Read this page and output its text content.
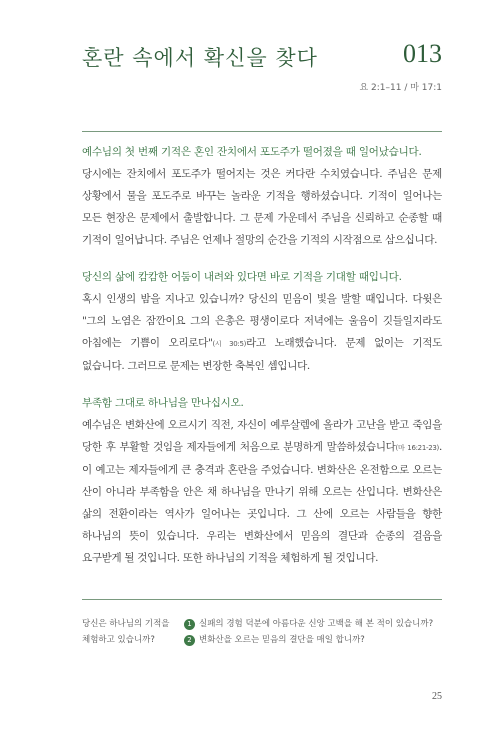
혼란 속에서 확신을 찾다	013
요 2:1–11 / 마 17:1
예수님의 첫 번째 기적은 혼인 잔치에서 포도주가 떨어졌을 때 일어났습니다.
당시에는 잔치에서 포도주가 떨어지는 것은 커다란 수치였습니다. 주님은 문제 상황에서 물을 포도주로 바꾸는 놀라운 기적을 행하셨습니다. 기적이 일어나는 모든 현장은 문제에서 출발합니다. 그 문제 가운데서 주님을 신뢰하고 순종할 때 기적이 일어납니다. 주님은 언제나 절망의 순간을 기적의 시작점으로 삼으십니다.
당신의 삶에 캄캄한 어둠이 내려와 있다면 바로 기적을 기대할 때입니다.
혹시 인생의 밤을 지나고 있습니까? 당신의 믿음이 빛을 발할 때입니다. 다윗은 "그의 노염은 잠깐이요 그의 은총은 평생이로다 저녁에는 울음이 깃들일지라도 아침에는 기쁨이 오리로다"(시 30:5)라고 노래했습니다. 문제 없이는 기적도 없습니다. 그러므로 문제는 변장한 축복인 셈입니다.
부족함 그대로 하나님을 만나십시오.
예수님은 변화산에 오르시기 직전, 자신이 예루살렘에 올라가 고난을 받고 죽임을 당한 후 부활할 것임을 제자들에게 처음으로 분명하게 말씀하셨습니다(마 16:21-23). 이 예고는 제자들에게 큰 충격과 혼란을 주었습니다. 변화산은 온전함으로 오르는 산이 아니라 부족함을 안은 채 하나님을 만나기 위해 오르는 산입니다. 변화산은 삶의 전환이라는 역사가 일어나는 곳입니다. 그 산에 오르는 사람들을 향한 하나님의 뜻이 있습니다. 우리는 변화산에서 믿음의 결단과 순종의 걸음을 요구받게 될 것입니다. 또한 하나님의 기적을 체험하게 될 것입니다.
당신은 하나님의 기적을 체험하고 있습니까?
1 실패의 경험 덕분에 아름다운 신앙 고백을 해 본 적이 있습니까?
2 변화산을 오르는 믿음의 결단을 매일 합니까?
25
